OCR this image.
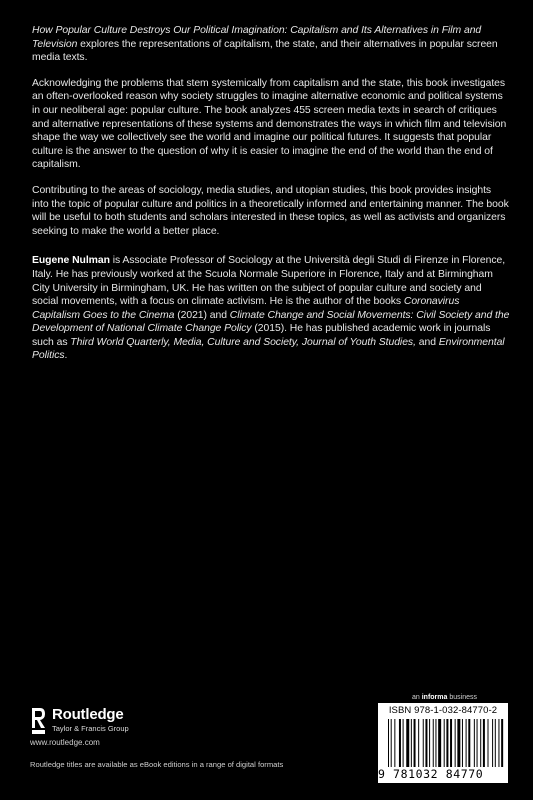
How Popular Culture Destroys Our Political Imagination: Capitalism and Its Alternatives in Film and Television explores the representations of capitalism, the state, and their alternatives in popular screen media texts.

Acknowledging the problems that stem systemically from capitalism and the state, this book investigates an often-overlooked reason why society struggles to imagine alternative economic and political systems in our neoliberal age: popular culture. The book analyzes 455 screen media texts in search of critiques and alternative representations of these systems and demonstrates the ways in which film and television shape the way we collectively see the world and imagine our political futures. It suggests that popular culture is the answer to the question of why it is easier to imagine the end of the world than the end of capitalism.

Contributing to the areas of sociology, media studies, and utopian studies, this book provides insights into the topic of popular culture and politics in a theoretically informed and entertaining manner. The book will be useful to both students and scholars interested in these topics, as well as activists and organizers seeking to make the world a better place.

Eugene Nulman is Associate Professor of Sociology at the Università degli Studi di Firenze in Florence, Italy. He has previously worked at the Scuola Normale Superiore in Florence, Italy and at Birmingham City University in Birmingham, UK. He has written on the subject of popular culture and society and social movements, with a focus on climate activism. He is the author of the books Coronavirus Capitalism Goes to the Cinema (2021) and Climate Change and Social Movements: Civil Society and the Development of National Climate Change Policy (2015). He has published academic work in journals such as Third World Quarterly, Media, Culture and Society, Journal of Youth Studies, and Environmental Politics.

Routledge
Taylor & Francis Group
www.routledge.com
Routledge titles are available as eBook editions in a range of digital formats
an informa business
ISBN 978-1-032-84770-2
9 781032 84770
